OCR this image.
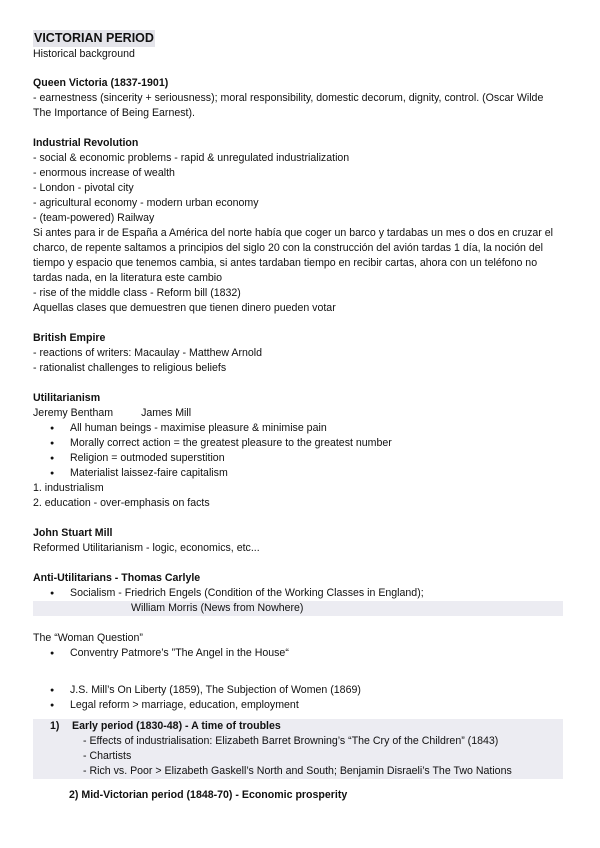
VICTORIAN PERIOD
Historical background
Queen Victoria (1837-1901)
- earnestness (sincerity + seriousness); moral responsibility, domestic decorum, dignity, control. (Oscar Wilde The Importance of Being Earnest).
Industrial Revolution
- social & economic problems - rapid & unregulated industrialization
- enormous increase of wealth
- London - pivotal city
- agricultural economy - modern urban economy
- (team-powered) Railway
Si antes para ir de España a América del norte había que coger un barco y tardabas un mes o dos en cruzar el charco, de repente saltamos a principios del siglo 20 con la construcción del avión tardas 1 día, la noción del tiempo y espacio que tenemos cambia, si antes tardaban tiempo en recibir cartas, ahora con un teléfono no tardas nada, en la literatura este cambio
- rise of the middle class - Reform bill (1832)
Aquellas clases que demuestren que tienen dinero pueden votar
British Empire
- reactions of writers: Macaulay - Matthew Arnold
- rationalist challenges to religious beliefs
Utilitarianism
Jeremy Bentham	James Mill
● All human beings - maximise pleasure & minimise pain
● Morally correct action = the greatest pleasure to the greatest number
● Religion = outmoded superstition
● Materialist laissez-faire capitalism
1. industrialism
2. education - over-emphasis on facts
John Stuart Mill
Reformed Utilitarianism - logic, economics, etc...
Anti-Utilitarians - Thomas Carlyle
● Socialism - Friedrich Engels (Condition of the Working Classes in England);
William Morris (News from Nowhere)
The “Woman Question”
● Conventry Patmore’s ”The Angel in the House“
● J.S. Mill’s On Liberty (1859), The Subjection of Women (1869)
● Legal reform > marriage, education, employment
1) Early period (1830-48) - A time of troubles
- Effects of industrialisation: Elizabeth Barret Browning’s “The Cry of the Children” (1843)
- Chartists
- Rich vs. Poor > Elizabeth Gaskell’s North and South; Benjamin Disraeli’s The Two Nations
2) Mid-Victorian period (1848-70) - Economic prosperity
